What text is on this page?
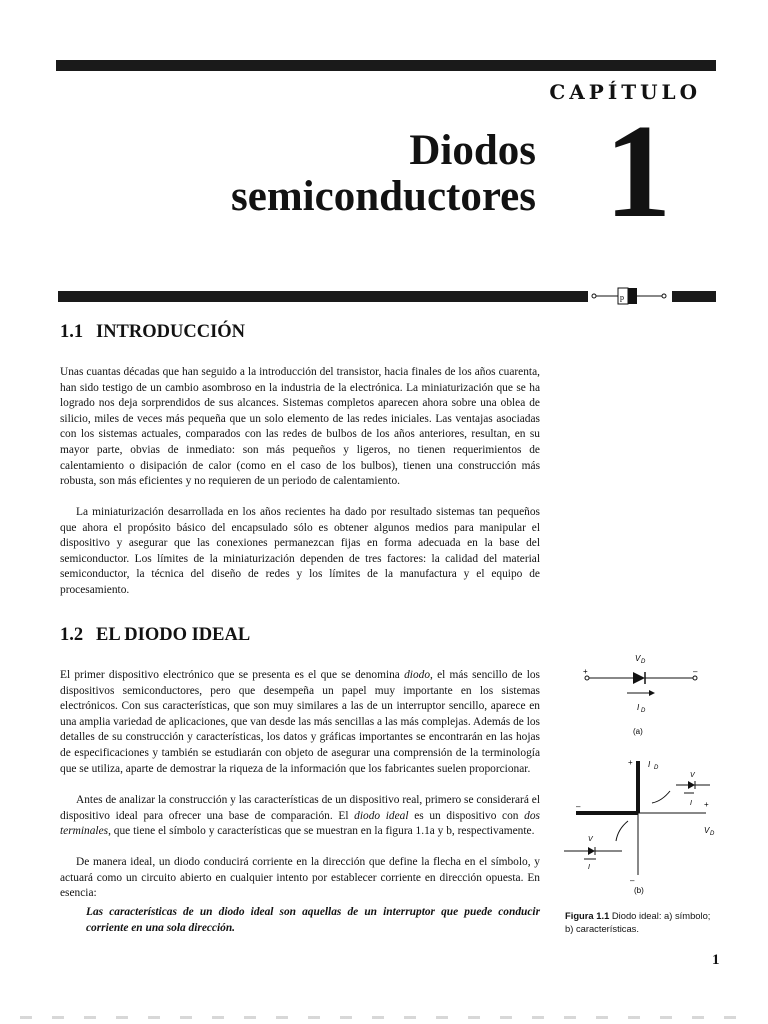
CAPÍTULO
Diodos
semiconductores 1
p
1.1 INTRODUCCIÓN

Unas cuantas décadas que han seguido a la introducción del transistor, hacia finales de los años cuarenta, han sido testigo de un cambio asombroso en la industria de la electrónica. La miniaturización que se ha logrado nos deja sorprendidos de sus alcances. Sistemas completos aparecen ahora sobre una oblea de silicio, miles de veces más pequeña que un solo elemento de las redes iniciales. Las ventajas asociadas con los sistemas actuales, comparados con las redes de bulbos de los años anteriores, resultan, en su mayor parte, obvias de inmediato: son más pequeños y ligeros, no tienen requerimientos de calentamiento o disipación de calor (como en el caso de los bulbos), tienen una construcción más robusta, son más eficientes y no requieren de un periodo de calentamiento.

La miniaturización desarrollada en los años recientes ha dado por resultado sistemas tan pequeños que ahora el propósito básico del encapsulado sólo es obtener algunos medios para manipular el dispositivo y asegurar que las conexiones permanezcan fijas en forma adecuada en la base del semiconductor. Los límites de la miniaturización dependen de tres factores: la calidad del material semiconductor, la técnica del diseño de redes y los límites de la manufactura y el equipo de procesamiento.

1.2 EL DIODO IDEAL

El primer dispositivo electrónico que se presenta es el que se denomina diodo, el más sencillo de los dispositivos semiconductores, pero que desempeña un papel muy importante en los sistemas electrónicos. Con sus características, que son muy similares a las de un interruptor sencillo, aparece en una amplia variedad de aplicaciones, que van desde las más sencillas a las más complejas. Además de los detalles de su construcción y características, los datos y gráficas importantes se encontrarán en las hojas de especificaciones y también se estudiarán con objeto de asegurar una comprensión de la terminología que se utiliza, aparte de demostrar la riqueza de la información que los fabricantes suelen proporcionar.

Antes de analizar la construcción y las características de un dispositivo real, primero se considerará el dispositivo ideal para ofrecer una base de comparación. El diodo ideal es un dispositivo con dos terminales, que tiene el símbolo y características que se muestran en la figura 1.1a y b, respectivamente.

De manera ideal, un diodo conducirá corriente en la dirección que define la flecha en el símbolo, y actuará como un circuito abierto en cualquier intento por establecer corriente en dirección opuesta. En esencia:

Las características de un diodo ideal son aquellas de un interruptor que puede conducir corriente en una sola dirección.

V D
+	–
I D
(a)
+ I D
+
V D
–
–
V
I
V
I
(b)
Figura 1.1 Diodo ideal: a) símbolo; b) características.
1
